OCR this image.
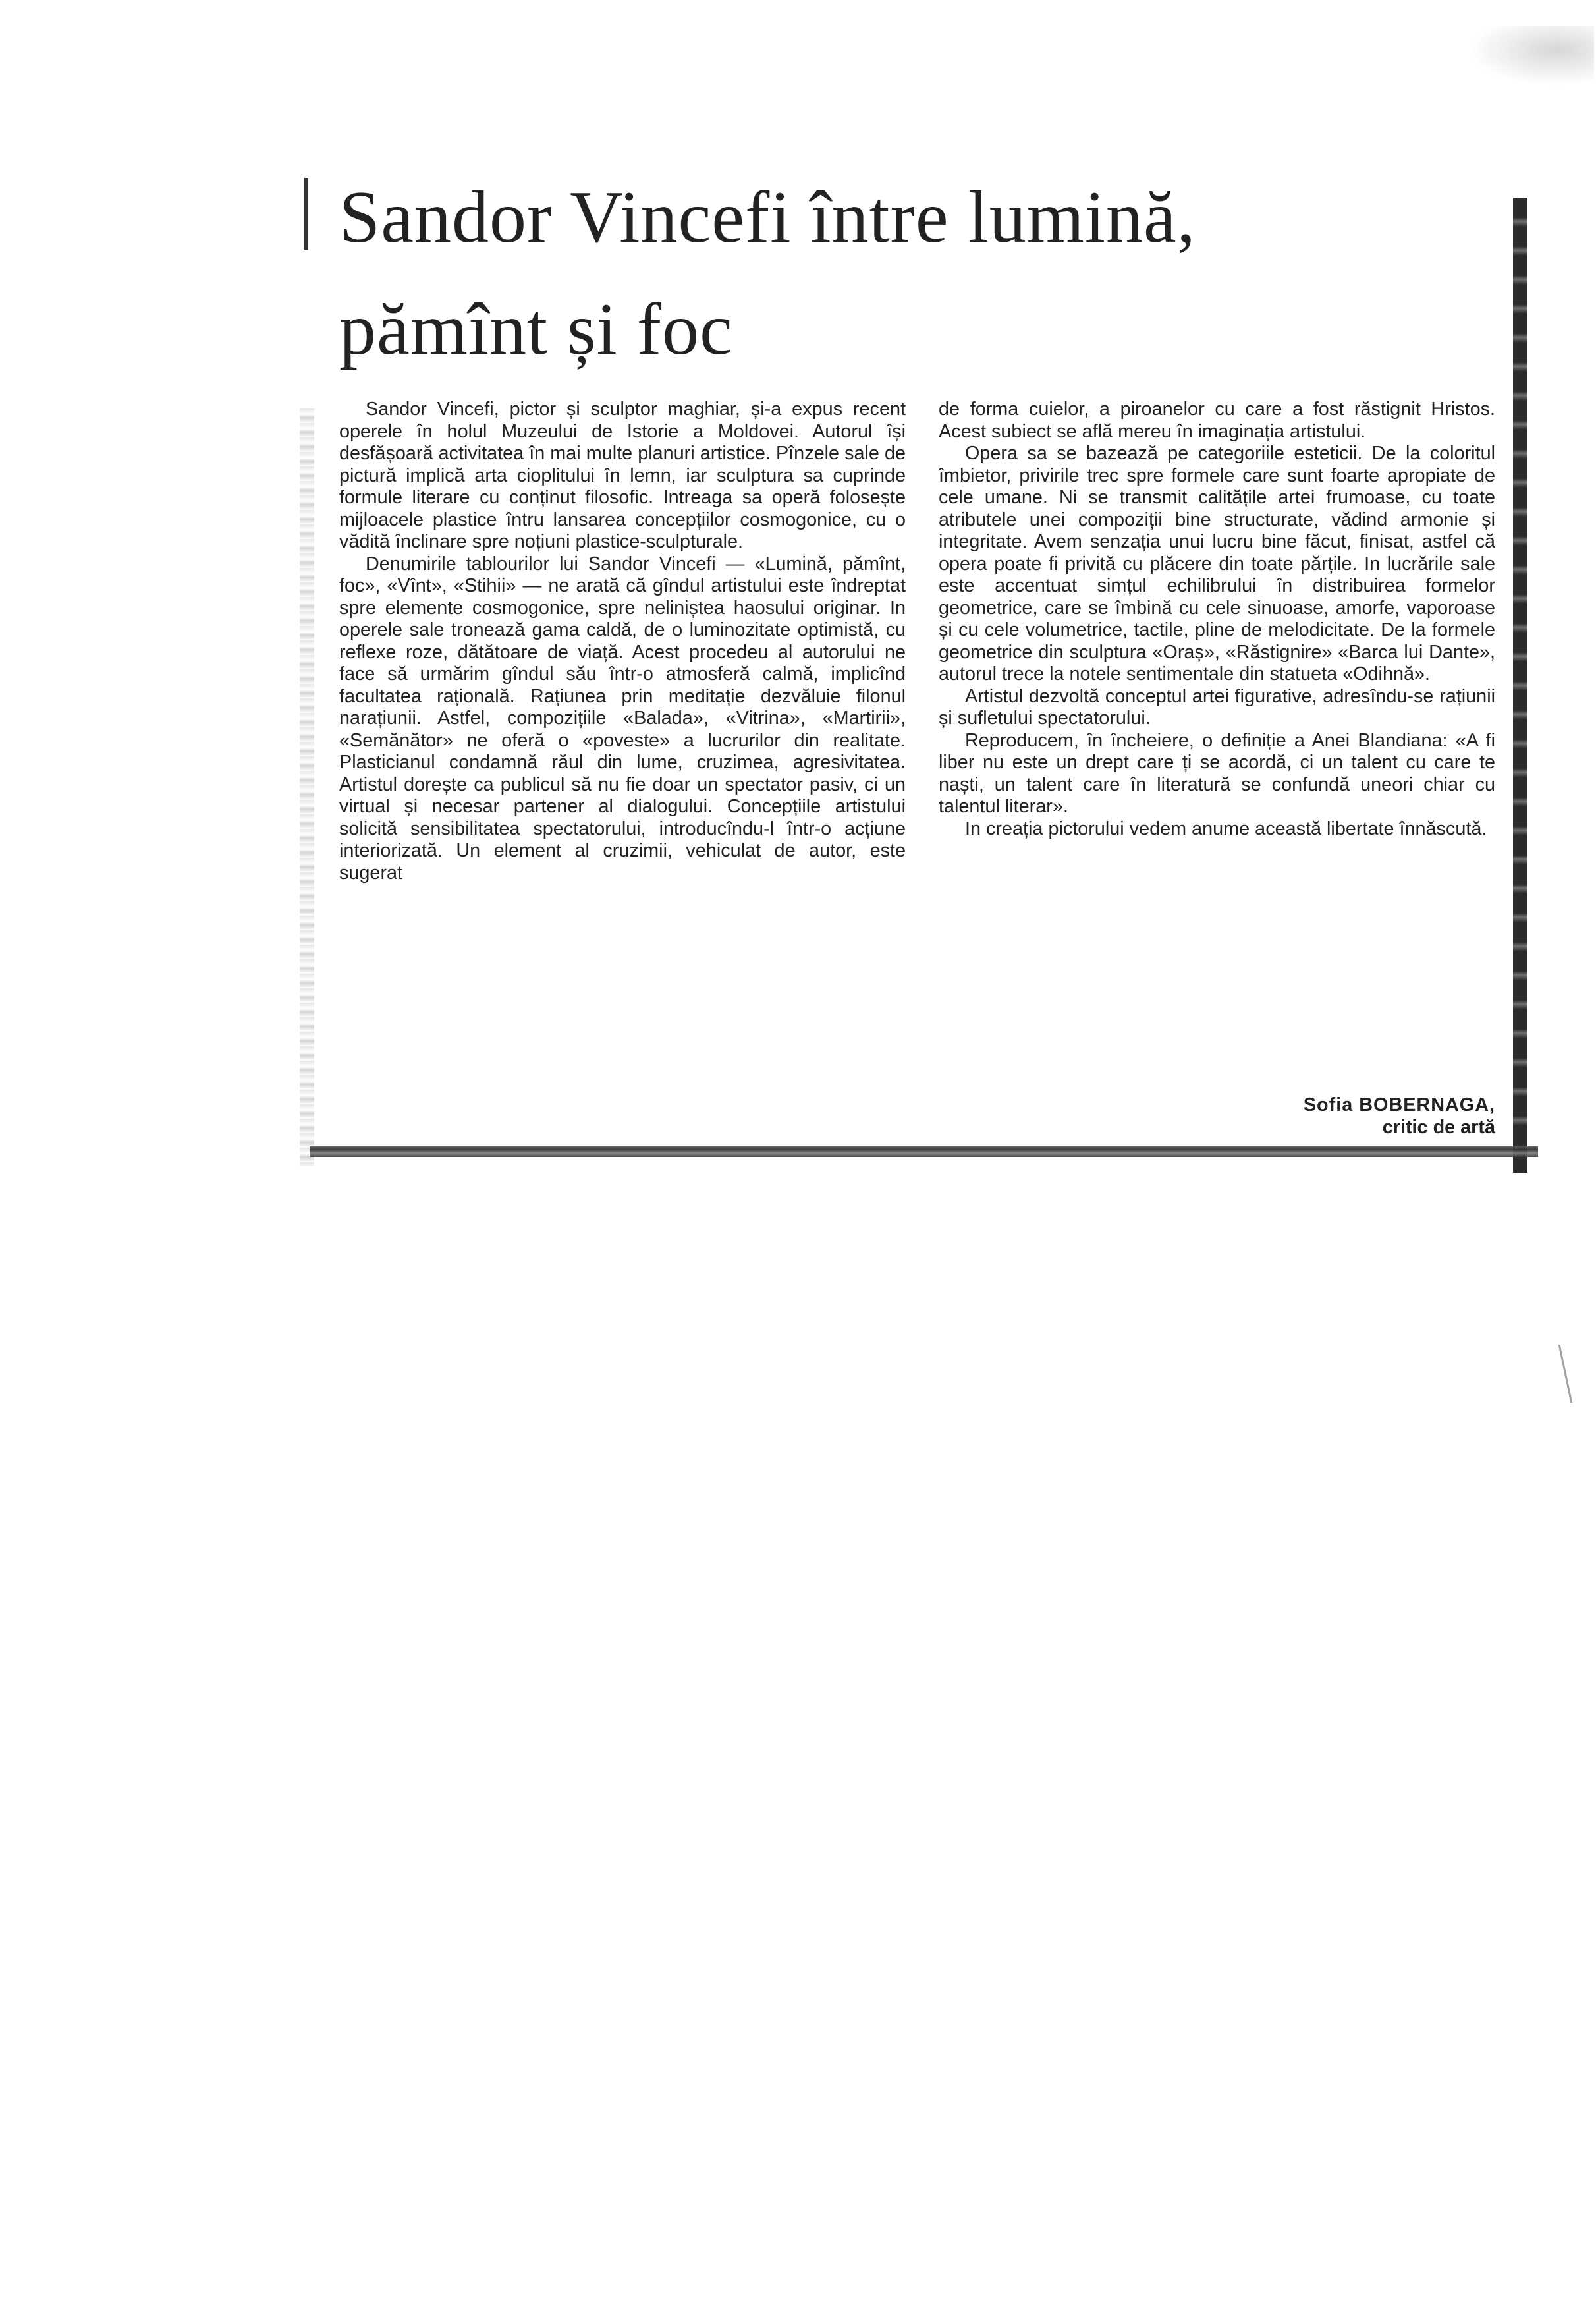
Sandor Vincefi între lumină,
pămînt și foc

Sandor Vincefi, pictor și sculptor maghiar, și-a expus recent operele în holul Muzeului de Istorie a Moldovei. Autorul își desfășoară activitatea în mai multe planuri artistice. Pînzele sale de pictură implică arta cioplitului în lemn, iar sculptura sa cuprinde formule literare cu conținut filosofic. Intreaga sa operă folosește mijloacele plastice întru lansarea concepțiilor cosmogonice, cu o vădită înclinare spre noțiuni plastice-sculpturale.

Denumirile tablourilor lui Sandor Vincefi — «Lumină, pămînt, foc», «Vînt», «Stihii» — ne arată că gîndul artistului este îndreptat spre elemente cosmogonice, spre neliniștea haosului originar. In operele sale tronează gama caldă, de o luminozitate optimistă, cu reflexe roze, dătătoare de viață. Acest procedeu al autorului ne face să urmărim gîndul său într-o atmosferă calmă, implicînd facultatea rațională. Rațiunea prin meditație dezvăluie filonul narațiunii. Astfel, compozițiile «Balada», «Vitrina», «Martirii», «Semănător» ne oferă o «poveste» a lucrurilor din realitate. Plasticianul condamnă răul din lume, cruzimea, agresivitatea. Artistul dorește ca publicul să nu fie doar un spectator pasiv, ci un virtual și necesar partener al dialogului. Concepțiile artistului solicită sensibilitatea spectatorului, introducîndu-l într-o acțiune interiorizată. Un element al cruzimii, vehiculat de autor, este sugerat

de forma cuielor, a piroanelor cu care a fost răstignit Hristos. Acest subiect se află mereu în imaginația artistului.

Opera sa se bazează pe categoriile esteticii. De la coloritul îmbietor, privirile trec spre formele care sunt foarte apropiate de cele umane. Ni se transmit calitățile artei frumoase, cu toate atributele unei compoziții bine structurate, vădind armonie și integritate. Avem senzația unui lucru bine făcut, finisat, astfel că opera poate fi privită cu plăcere din toate părțile. In lucrările sale este accentuat simțul echilibrului în distribuirea formelor geometrice, care se îmbină cu cele sinuoase, amorfe, vaporoase și cu cele volumetrice, tactile, pline de melodicitate. De la formele geometrice din sculptura «Oraș», «Răstignire» «Barca lui Dante», autorul trece la notele sentimentale din statueta «Odihnă».

Artistul dezvoltă conceptul artei figurative, adresîndu-se rațiunii și sufletului spectatorului.

Reproducem, în încheiere, o definiție a Anei Blandiana: «A fi liber nu este un drept care ți se acordă, ci un talent cu care te naști, un talent care în literatură se confundă uneori chiar cu talentul literar».

In creația pictorului vedem anume această libertate înnăscută.

Sofia BOBERNAGA,
critic de artă
